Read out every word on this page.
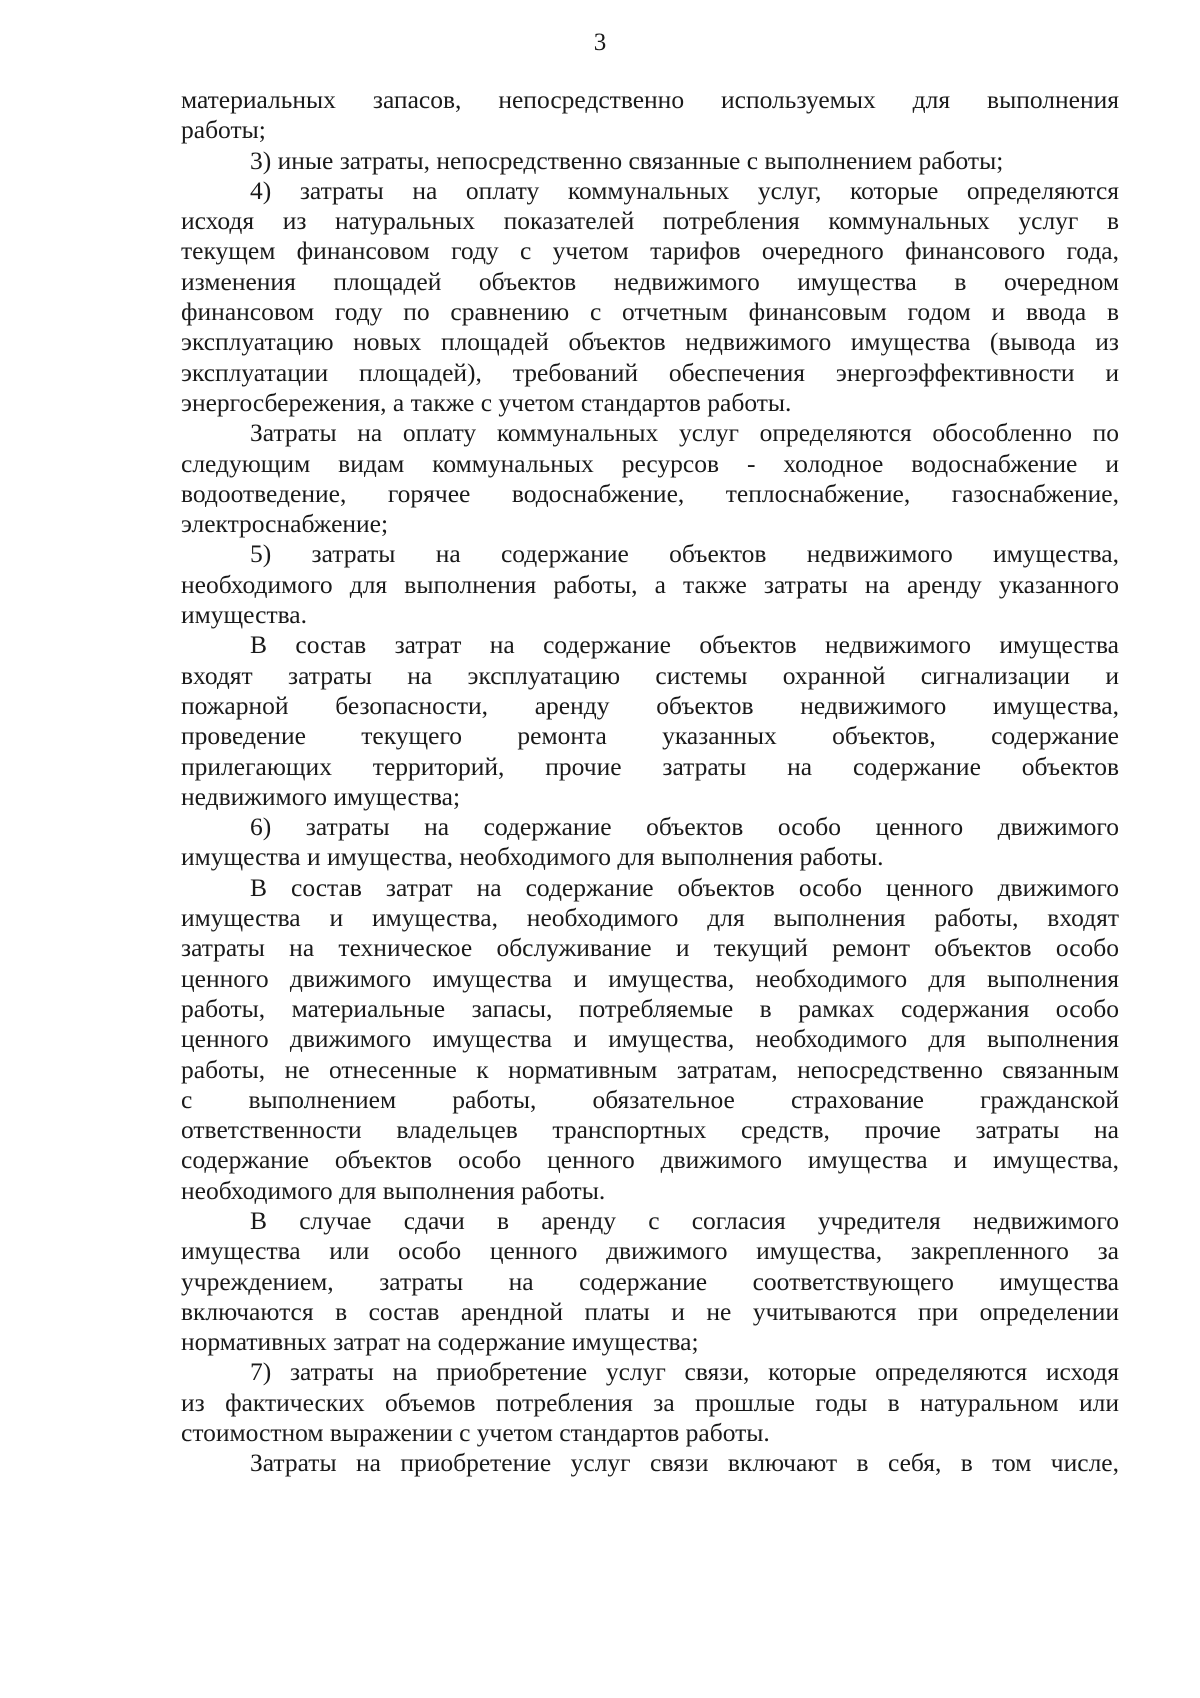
3
материальных запасов, непосредственно используемых для выполнения
работы;
3) иные затраты, непосредственно связанные с выполнением работы;
4) затраты на оплату коммунальных услуг, которые определяются
исходя из натуральных показателей потребления коммунальных услуг в
текущем финансовом году с учетом тарифов очередного финансового года,
изменения площадей объектов недвижимого имущества в очередном
финансовом году по сравнению с отчетным финансовым годом и ввода в
эксплуатацию новых площадей объектов недвижимого имущества (вывода из
эксплуатации площадей), требований обеспечения энергоэффективности и
энергосбережения, а также с учетом стандартов работы.
Затраты на оплату коммунальных услуг определяются обособленно по
следующим видам коммунальных ресурсов - холодное водоснабжение и
водоотведение, горячее водоснабжение, теплоснабжение, газоснабжение,
электроснабжение;
5) затраты на содержание объектов недвижимого имущества,
необходимого для выполнения работы, а также затраты на аренду указанного
имущества.
В состав затрат на содержание объектов недвижимого имущества
входят затраты на эксплуатацию системы охранной сигнализации и
пожарной безопасности, аренду объектов недвижимого имущества,
проведение текущего ремонта указанных объектов, содержание
прилегающих территорий, прочие затраты на содержание объектов
недвижимого имущества;
6) затраты на содержание объектов особо ценного движимого
имущества и имущества, необходимого для выполнения работы.
В состав затрат на содержание объектов особо ценного движимого
имущества и имущества, необходимого для выполнения работы, входят
затраты на техническое обслуживание и текущий ремонт объектов особо
ценного движимого имущества и имущества, необходимого для выполнения
работы, материальные запасы, потребляемые в рамках содержания особо
ценного движимого имущества и имущества, необходимого для выполнения
работы, не отнесенные к нормативным затратам, непосредственно связанным
с выполнением работы, обязательное страхование гражданской
ответственности владельцев транспортных средств, прочие затраты на
содержание объектов особо ценного движимого имущества и имущества,
необходимого для выполнения работы.
В случае сдачи в аренду с согласия учредителя недвижимого
имущества или особо ценного движимого имущества, закрепленного за
учреждением, затраты на содержание соответствующего имущества
включаются в состав арендной платы и не учитываются при определении
нормативных затрат на содержание имущества;
7) затраты на приобретение услуг связи, которые определяются исходя
из фактических объемов потребления за прошлые годы в натуральном или
стоимостном выражении с учетом стандартов работы.
Затраты на приобретение услуг связи включают в себя, в том числе,
